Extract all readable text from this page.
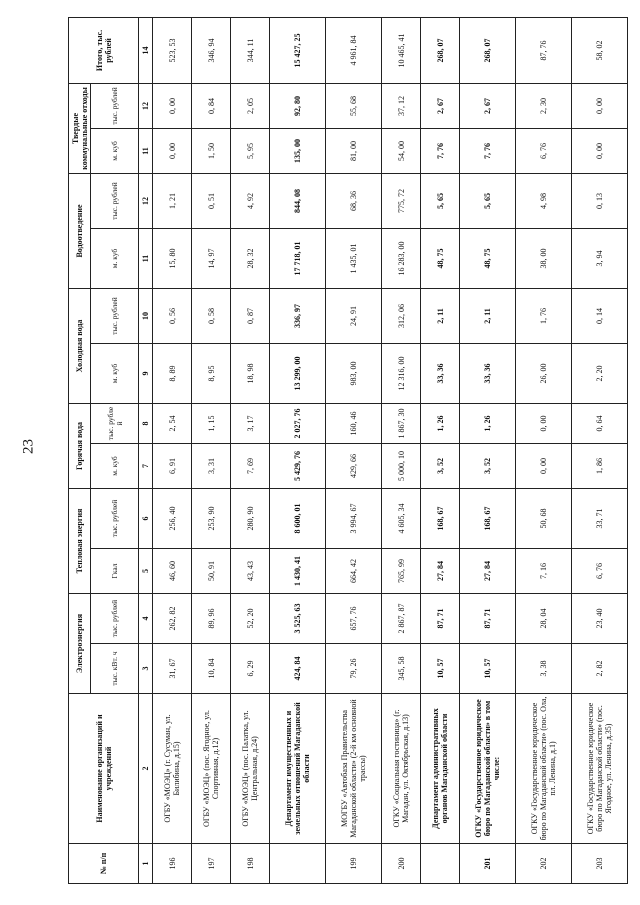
23
№ п/п	Наименование организаций и учреждений	Электроэнергия		Тепловая энергия		Горячая вода		Холодная вода		Водоотведение		Твердые коммунальные отходы		Итого, тыс. рублей
		тыс. кВт. ч	тыс. рублей	Гкал	тыс. рублей	м. куб	тыс. рубле й	м. куб	тыс. рублей	м. куб	тыс. рублей	м. куб	тыс. рублей	
1	2	3	4	5	6	7	8	9	10	11	12	11	12	14
196	ОГБУ «МОЭЦ» (г. Сусуман, ул. Билибина, д.15)	31, 67	262, 82	46, 60	256, 40	6, 91	2, 54	8, 89	0, 56	15, 80	1, 21	0, 00	0, 00	523, 53
197	ОГБУ «МОЭЦ» (пос. Ягодное, ул. Спортивная, д.12)	10, 84	89, 96	50, 91	253, 90	3, 31	1, 15	8, 95	0, 58	14, 97	0, 51	1, 50	0, 84	346, 94
198	ОГБУ «МОЭЦ» (пос. Палатка, ул. Центральная, д.24)	6, 29	52, 20	43, 43	280, 90	7, 69	3, 17	18, 98	0, 87	28, 32	4, 92	5, 95	2, 05	344, 11
	Департамент имущественных и земельных отношений Магаданской области	424, 84	3 525, 63	1 430, 41	8 600, 01	5 429, 76	2 027, 76	13 299, 00	336, 97	17 718, 01	844, 08	135, 00	92, 80	15 427, 25
199	МОГБУ «Автобаза Правительства Магаданской области» (2-й км основной трассы)	79, 26	657, 76	664, 42	3 994, 67	429, 66	160, 46	983, 00	24, 91	1 435, 01	68, 36	81, 00	55, 68	4 961, 84
200	ОГКУ «Социальная гостиница» (г. Магадан, ул. Октябрьская, д.13)	345, 58	2 867, 87	765, 99	4 605, 34	5 000, 10	1 867, 30	12 316, 00	312, 06	16 283, 00	775, 72	54, 00	37, 12	10 465, 41
	Департамент административных органов Магаданской области	10, 57	87, 71	27, 84	168, 67	3, 52	1, 26	33, 36	2, 11	48, 75	5, 65	7, 76	2, 67	268, 07
201	ОГКУ «Государственное юридическое бюро по Магаданской области» в том числе:	10, 57	87, 71	27, 84	168, 67	3, 52	1, 26	33, 36	2, 11	48, 75	5, 65	7, 76	2, 67	268, 07
202	ОГКУ «Государственное юридическое бюро по Магаданской области» (пос. Ола, пл. Ленина, д.1)	3, 38	28, 04	7, 16	50, 68	0, 00	0, 00	26, 00	1, 76	38, 00	4, 98	6, 76	2, 30	87, 76
203	ОГКУ «Государственное юридическое бюро по Магаданской области» (пос. Ягодное, ул. Ленина, д.35)	2, 82	23, 40	6, 76	33, 71	1, 86	0, 64	2, 20	0, 14	3, 94	0, 13	0, 00	0, 00	58, 02
